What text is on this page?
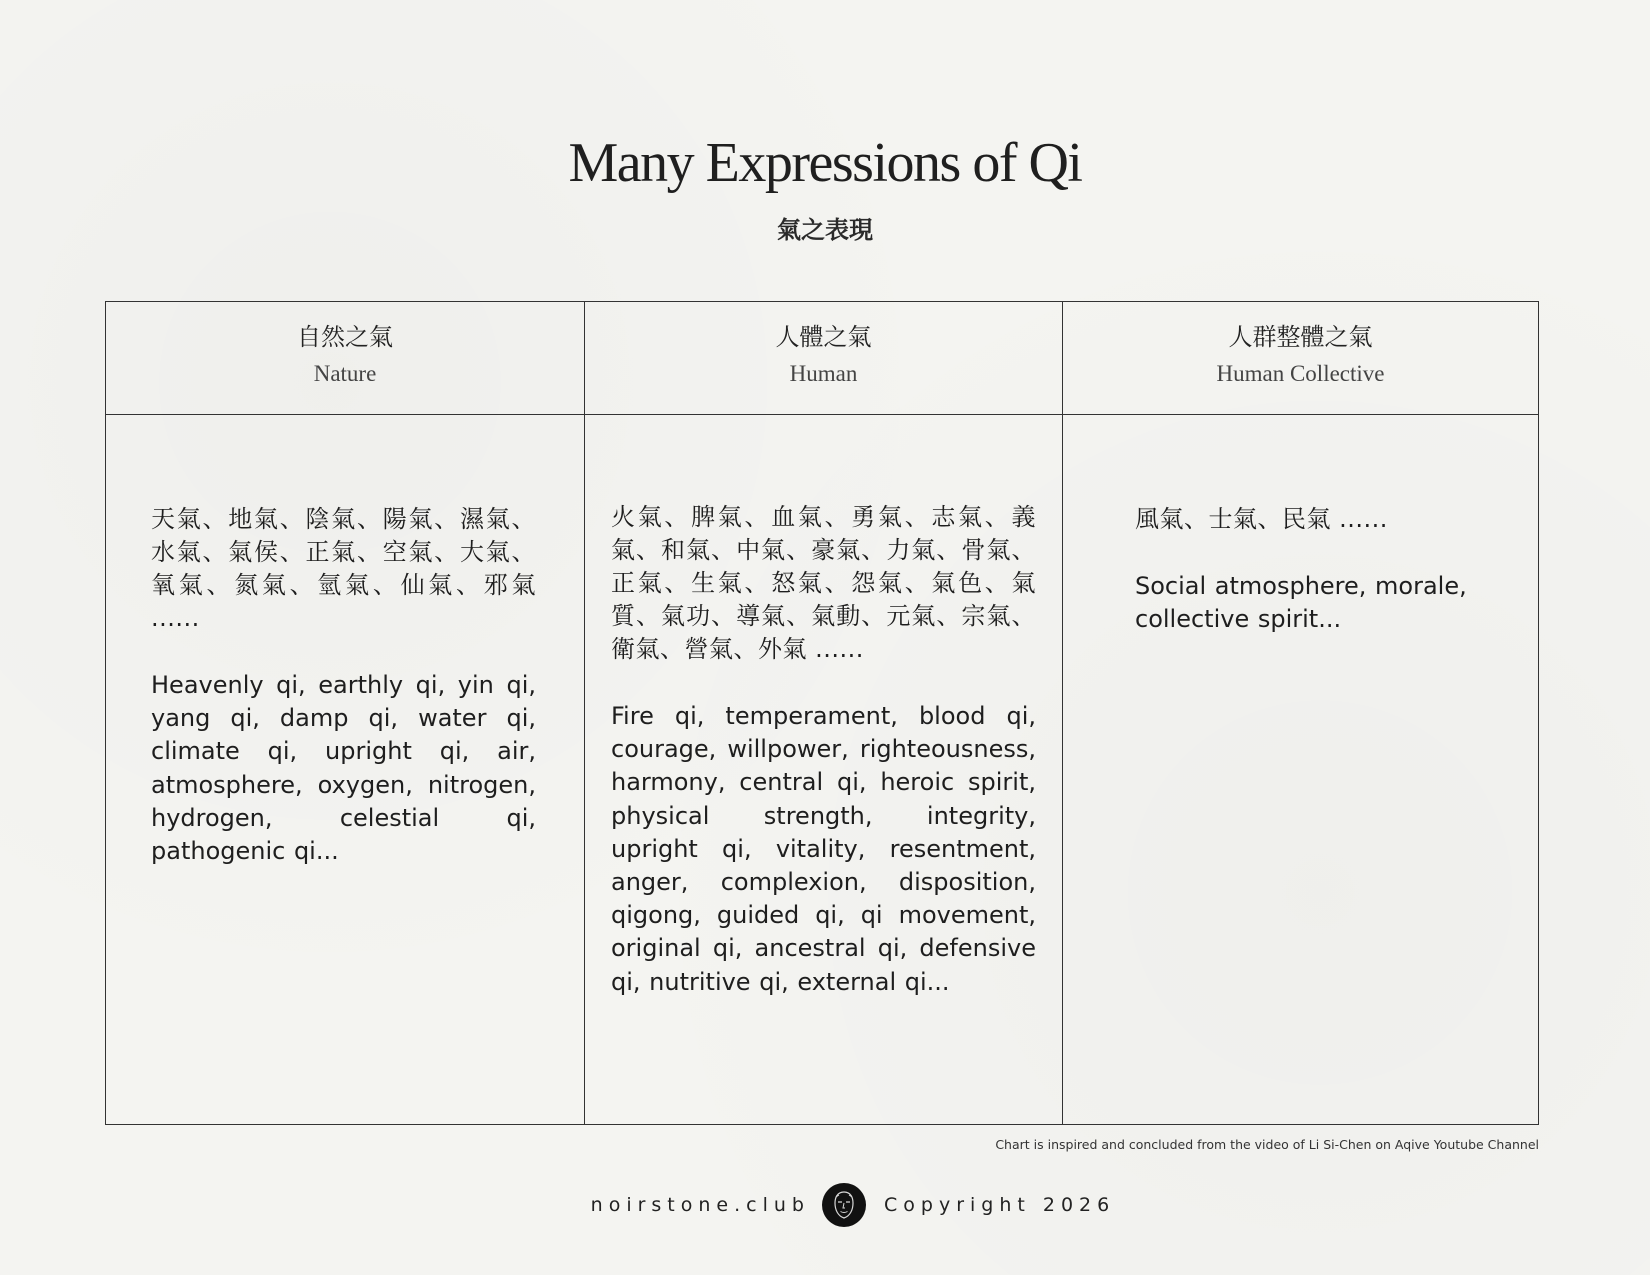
Many Expressions of Qi
氣之表現
自然之氣
Nature
天氣、地氣、陰氣、陽氣、濕氣、水氣、氣侯、正氣、空氣、大氣、氧氣、氮氣、氫氣、仙氣、邪氣 ......
Heavenly qi, earthly qi, yin qi, yang qi, damp qi, water qi, climate qi, upright qi, air, atmosphere, oxygen, nitrogen, hydrogen, celestial qi, pathogenic qi...
人體之氣
Human
火氣、脾氣、血氣、勇氣、志氣、義氣、和氣、中氣、豪氣、力氣、骨氣、正氣、生氣、怒氣、怨氣、氣色、氣質、氣功、導氣、氣動、元氣、宗氣、衛氣、營氣、外氣 ......
Fire qi, temperament, blood qi, courage, willpower, righteousness, harmony, central qi, heroic spirit, physical strength, integrity, upright qi, vitality, resentment, anger, complexion, disposition, qigong, guided qi, qi movement, original qi, ancestral qi, defensive qi, nutritive qi, external qi...
人群整體之氣
Human Collective
風氣、士氣、民氣 ......
Social atmosphere, morale, collective spirit...
Chart is inspired and concluded from the video of Li Si-Chen on Aqive Youtube Channel
noirstone.club	Copyright 2026
